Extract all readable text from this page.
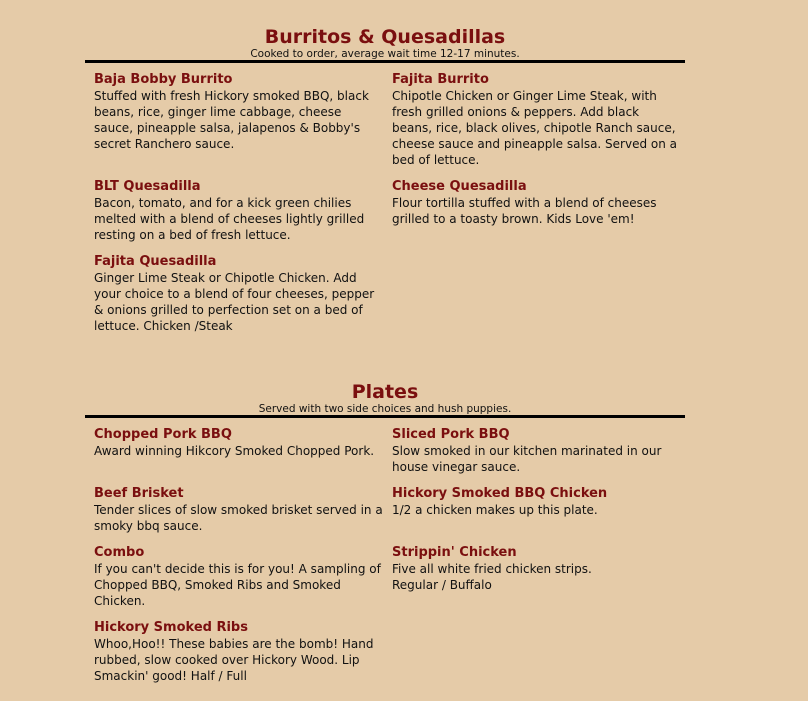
Burritos & Quesadillas

Cooked to order, average wait time 12-17 minutes.

Baja Bobby Burrito

Stuffed with fresh Hickory smoked BBQ, black beans, rice, ginger lime cabbage, cheese sauce, pineapple salsa, jalapenos & Bobby's secret Ranchero sauce.

Fajita Burrito

Chipotle Chicken or Ginger Lime Steak, with fresh grilled onions & peppers. Add black beans, rice, black olives, chipotle Ranch sauce, cheese sauce and pineapple salsa. Served on a bed of lettuce.

BLT Quesadilla

Bacon, tomato, and for a kick green chilies melted with a blend of cheeses lightly grilled resting on a bed of fresh lettuce.

Cheese Quesadilla

Flour tortilla stuffed with a blend of cheeses grilled to a toasty brown. Kids Love 'em!

Fajita Quesadilla

Ginger Lime Steak or Chipotle Chicken. Add your choice to a blend of four cheeses, pepper & onions grilled to perfection set on a bed of lettuce. Chicken /Steak

Plates

Served with two side choices and hush puppies.

Chopped Pork BBQ

Award winning Hikcory Smoked Chopped Pork.

Sliced Pork BBQ

Slow smoked in our kitchen marinated in our house vinegar sauce.

Beef Brisket

Tender slices of slow smoked brisket served in a smoky bbq sauce.

Hickory Smoked BBQ Chicken

1/2 a chicken makes up this plate.

Combo

If you can't decide this is for you! A sampling of Chopped BBQ, Smoked Ribs and Smoked Chicken.

Strippin' Chicken

Five all white fried chicken strips.
Regular / Buffalo

Hickory Smoked Ribs

Whoo,Hoo!! These babies are the bomb! Hand rubbed, slow cooked over Hickory Wood. Lip Smackin' good! Half / Full
